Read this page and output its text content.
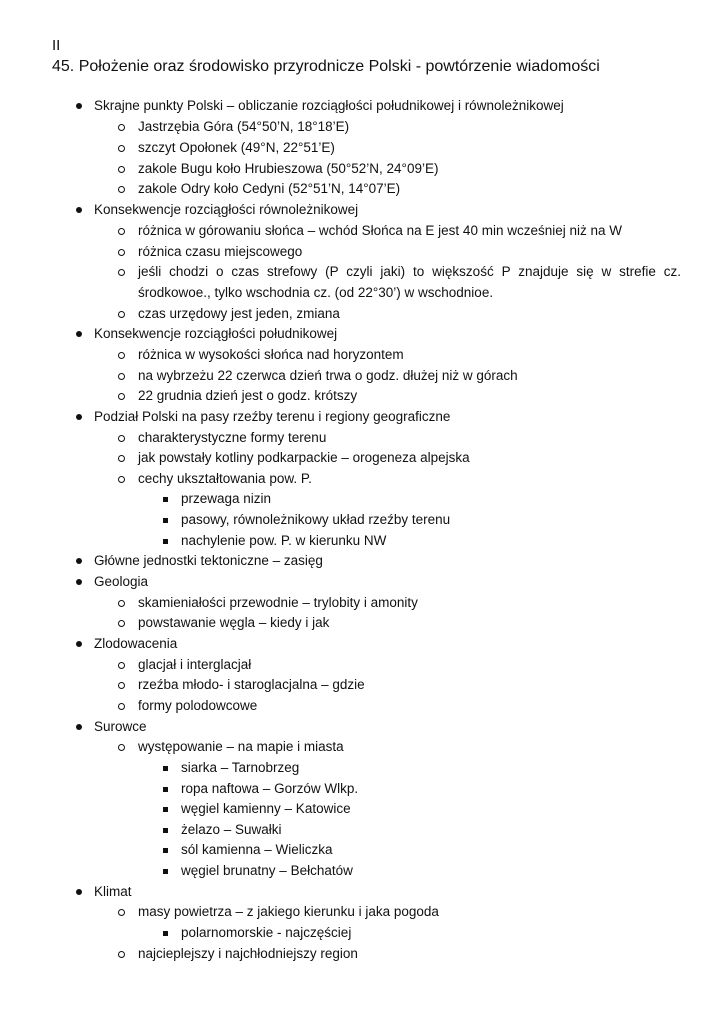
II
45. Położenie oraz środowisko przyrodnicze Polski - powtórzenie wiadomości
Skrajne punkty Polski – obliczanie rozciągłości południkowej i równoleżnikowej
Jastrzębia Góra (54°50’N, 18°18’E)
szczyt Opołonek (49°N, 22°51’E)
zakole Bugu koło Hrubieszowa (50°52’N, 24°09’E)
zakole Odry koło Cedyni (52°51’N, 14°07’E)
Konsekwencje rozciągłości równoleżnikowej
różnica w górowaniu słońca – wchód Słońca na E jest 40 min wcześniej niż na W
różnica czasu miejscowego
jeśli chodzi o czas strefowy (P czyli jaki) to większość P znajduje się w strefie cz.
środkowoe., tylko wschodnia cz. (od 22°30’) w wschodnioe.
czas urzędowy jest jeden, zmiana
Konsekwencje rozciągłości południkowej
różnica w wysokości słońca nad horyzontem
na wybrzeżu 22 czerwca dzień trwa o godz. dłużej niż w górach
22 grudnia dzień jest o godz. krótszy
Podział Polski na pasy rzeźby terenu i regiony geograficzne
charakterystyczne formy terenu
jak powstały kotliny podkarpackie – orogeneza alpejska
cechy ukształtowania pow. P.
przewaga nizin
pasowy, równoleżnikowy układ rzeźby terenu
nachylenie pow. P. w kierunku NW
Główne jednostki tektoniczne – zasięg
Geologia
skamieniałości przewodnie – trylobity i amonity
powstawanie węgla – kiedy i jak
Zlodowacenia
glacjał i interglacjał
rzeźba młodo- i staroglacjalna – gdzie
formy polodowcowe
Surowce
występowanie – na mapie i miasta
siarka – Tarnobrzeg
ropa naftowa – Gorzów Wlkp.
węgiel kamienny – Katowice
żelazo – Suwałki
sól kamienna – Wieliczka
węgiel brunatny – Bełchatów
Klimat
masy powietrza – z jakiego kierunku i jaka pogoda
polarnomorskie - najczęściej
najcieplejszy i najchłodniejszy region
